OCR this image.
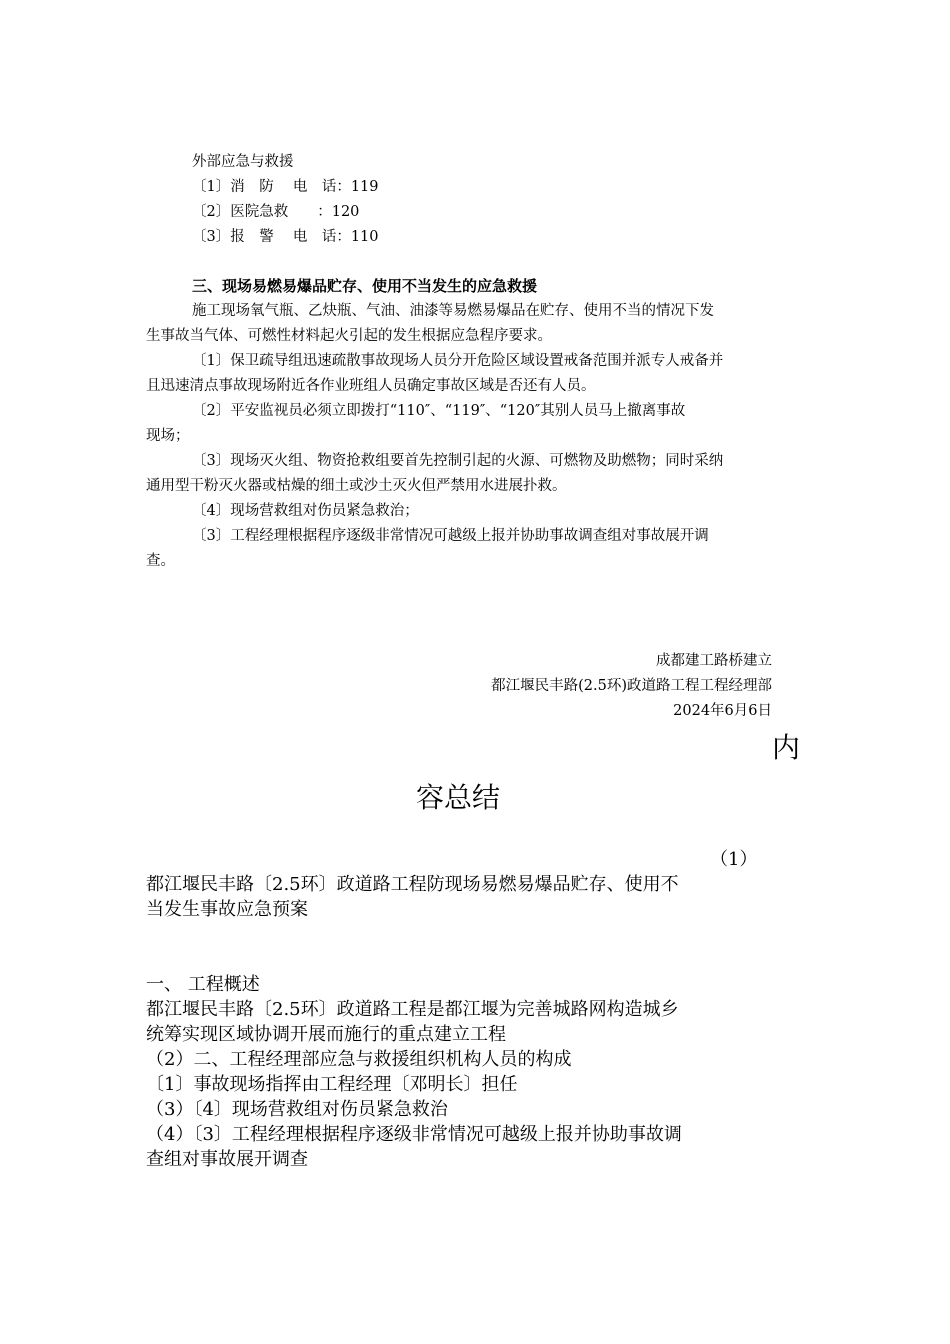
外部应急与救援
〔1〕消　防　 电　话：119
〔2〕医院急救　　：120
〔3〕报　警　 电　话：110
三、现场易燃易爆品贮存、使用不当发生的应急救援
施工现场氧气瓶、乙炔瓶、气油、油漆等易燃易爆品在贮存、使用不当的情况下发
生事故当气体、可燃性材料起火引起的发生根据应急程序要求。
〔1〕保卫疏导组迅速疏散事故现场人员分开危险区域设置戒备范围并派专人戒备并
且迅速清点事故现场附近各作业班组人员确定事故区域是否还有人员。
〔2〕平安监视员必须立即拨打“110″、“119″、“120″其别人员马上撤离事故
现场；
〔3〕现场灭火组、物资抢救组要首先控制引起的火源、可燃物及助燃物；同时采纳
通用型干粉灭火器或枯燥的细土或沙土灭火但严禁用水进展扑救。
〔4〕现场营救组对伤员紧急救治；
〔3〕工程经理根据程序逐级非常情况可越级上报并协助事故调查组对事故展开调
查。
成都建工路桥建立
都江堰民丰路(2.5环)政道路工程工程经理部
2024年6月6日
内
容总结
（1）
都江堰民丰路〔2.5环〕政道路工程防现场易燃易爆品贮存、使用不
当发生事故应急预案
一、 工程概述
都江堰民丰路〔2.5环〕政道路工程是都江堰为完善城路网构造城乡
统筹实现区域协调开展而施行的重点建立工程
（2）二、工程经理部应急与救援组织机构人员的构成
〔1〕事故现场指挥由工程经理〔邓明长〕担任
（3）〔4〕现场营救组对伤员紧急救治
（4）〔3〕工程经理根据程序逐级非常情况可越级上报并协助事故调
查组对事故展开调查
